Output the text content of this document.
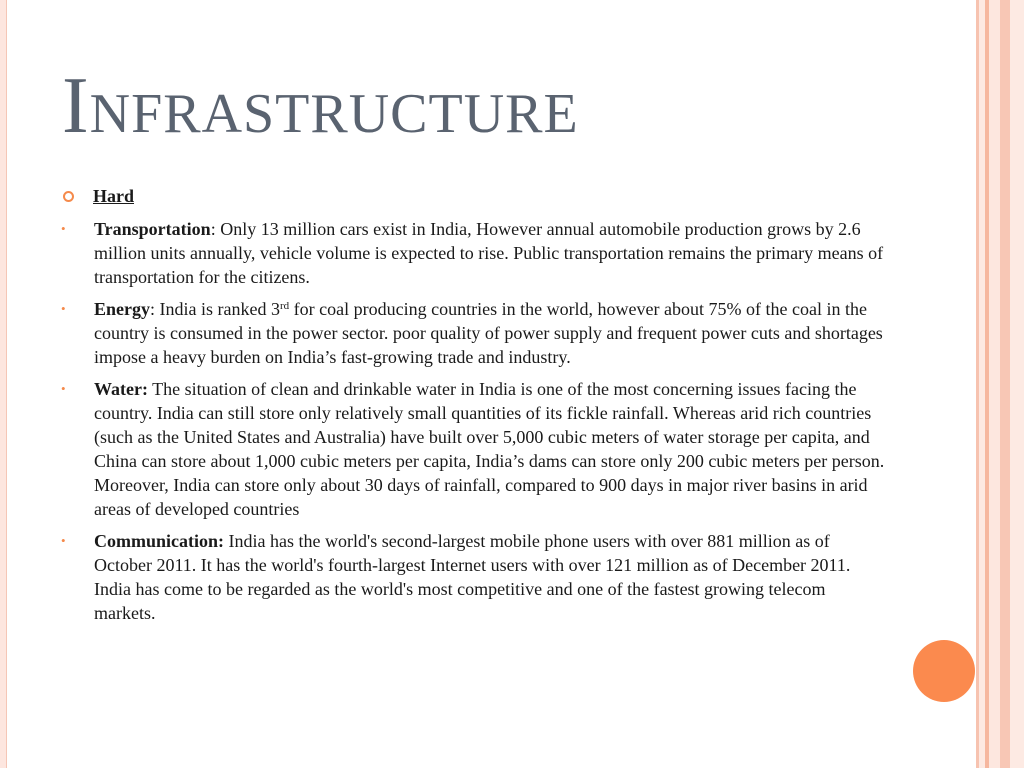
Infrastructure
Hard
• Transportation: Only 13 million cars exist in India, However annual automobile production grows by 2.6 million units annually, vehicle volume is expected to rise. Public transportation remains the primary means of transportation for the citizens.
• Energy: India is ranked 3rd for coal producing countries in the world, however about 75% of the coal in the country is consumed in the power sector. poor quality of power supply and frequent power cuts and shortages impose a heavy burden on India’s fast-growing trade and industry.
• Water: The situation of clean and drinkable water in India is one of the most concerning issues facing the country. India can still store only relatively small quantities of its fickle rainfall. Whereas arid rich countries (such as the United States and Australia) have built over 5,000 cubic meters of water storage per capita, and China can store about 1,000 cubic meters per capita, India’s dams can store only 200 cubic meters per person. Moreover, India can store only about 30 days of rainfall, compared to 900 days in major river basins in arid areas of developed countries
• Communication: India has the world's second-largest mobile phone users with over 881 million as of October 2011. It has the world's fourth-largest Internet users with over 121 million as of December 2011. India has come to be regarded as the world's most competitive and one of the fastest growing telecom markets.
